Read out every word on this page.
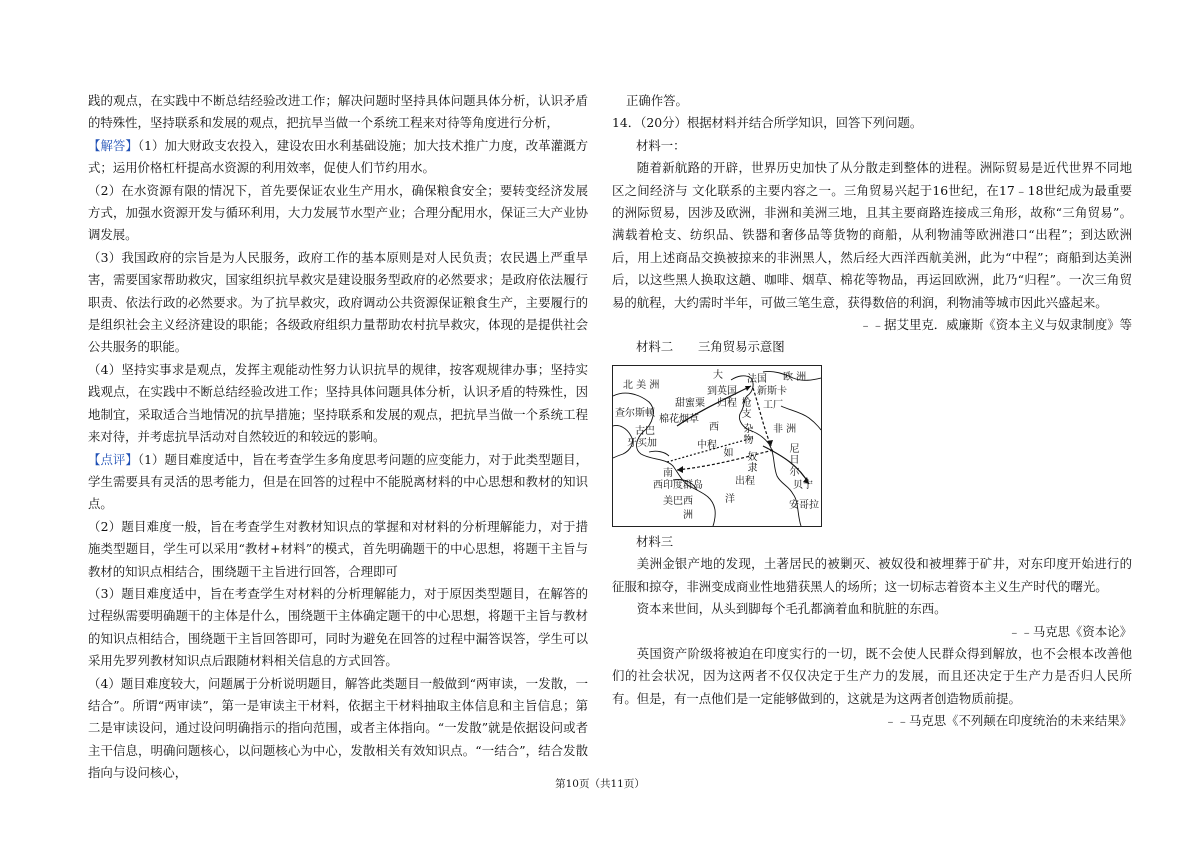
践的观点，在实践中不断总结经验改进工作；解决问题时坚持具体问题具体分析，认识矛盾的特殊性，坚持联系和发展的观点，把抗旱当做一个系统工程来对待等角度进行分析，

【解答】（1）加大财政支农投入，建设农田水利基础设施；加大技术推广力度，改革灌溉方式；运用价格杠杆提高水资源的利用效率，促使人们节约用水。

（2）在水资源有限的情况下，首先要保证农业生产用水，确保粮食安全；要转变经济发展方式，加强水资源开发与循环利用，大力发展节水型产业；合理分配用水，保证三大产业协调发展。

（3）我国政府的宗旨是为人民服务，政府工作的基本原则是对人民负责；农民遇上严重旱害，需要国家帮助救灾，国家组织抗旱救灾是建设服务型政府的必然要求；是政府依法履行职责、依法行政的必然要求。为了抗旱救灾，政府调动公共资源保证粮食生产，主要履行的是组织社会主义经济建设的职能；各级政府组织力量帮助农村抗旱救灾，体现的是提供社会公共服务的职能。

（4）坚持实事求是观点，发挥主观能动性努力认识抗旱的规律，按客观规律办事；坚持实践观点，在实践中不断总结经验改进工作；坚持具体问题具体分析，认识矛盾的特殊性，因地制宜，采取适合当地情况的抗旱措施；坚持联系和发展的观点，把抗旱当做一个系统工程来对待，并考虑抗旱活动对自然较近的和较远的影响。

【点评】（1）题目难度适中，旨在考查学生多角度思考问题的应变能力，对于此类型题目，学生需要具有灵活的思考能力，但是在回答的过程中不能脱离材料的中心思想和教材的知识点。

（2）题目难度一般，旨在考查学生对教材知识点的掌握和对材料的分析理解能力，对于措施类型题目，学生可以采用“教材+材料”的模式，首先明确题干的中心思想，将题干主旨与教材的知识点相结合，围绕题干主旨进行回答，合理即可

（3）题目难度适中，旨在考查学生对材料的分析理解能力，对于原因类型题目，在解答的过程纵需要明确题干的主体是什么，围绕题干主体确定题干的中心思想，将题干主旨与教材的知识点相结合，围绕题干主旨回答即可，同时为避免在回答的过程中漏答误答，学生可以采用先罗列教材知识点后跟随材料相关信息的方式回答。

（4）题目难度较大，问题属于分析说明题目，解答此类题目一般做到“两审读，一发散，一结合”。所谓“两审读”，第一是审读主干材料，依据主干材料抽取主体信息和主旨信息；第二是审读设问，通过设问明确指示的指向范围，或者主体指向。“一发散”就是依据设问或者主干信息，明确问题核心，以问题核心为中心，发散相关有效知识点。“一结合”，结合发散指向与设问核心，

正确作答。

14．（20分）根据材料并结合所学知识，回答下列问题。

材料一：

随着新航路的开辟，世界历史加快了从分散走到整体的进程。洲际贸易是近代世界不同地区之间经济与 文化联系的主要内容之一。三角贸易兴起于16世纪，在17﹣18世纪成为最重要的洲际贸易，因涉及欧洲，非洲和美洲三地，且其主要商路连接成三角形，故称“三角贸易”。满载着枪支、纺织品、铁器和奢侈品等货物的商船，从利物浦等欧洲港口“出程”；到达欧洲后，用上述商品交换被掠来的非洲黑人，然后经大西洋西航美洲，此为“中程”；商船到达美洲后，以这些黑人换取这趟、咖啡、烟草、棉花等物品，再运回欧洲，此乃“归程”。一次三角贸易的航程，大约需时半年，可做三笔生意，获得数倍的利润，利物浦等城市因此兴盛起来。

﹣﹣据艾里克．威廉斯《资本主义与奴隶制度》等

材料二　　三角贸易示意图

北 美 洲
大	欧 洲
法国
到英国 新斯卡
甜蜜粟 归程	工厂
查尔斯顿
棉花烟草
古巴
牙买加
枪支
西 杂物
非 洲
中程
如 奴隶
出程
尼日尔
贝宁
安哥拉
南
西印度群岛
美巴西	洋
洲

材料三

美洲金银产地的发现，土著居民的被剿灭、被奴役和被埋葬于矿井，对东印度开始进行的征服和掠夺，非洲变成商业性地猎获黑人的场所；这一切标志着资本主义生产时代的曙光。

资本来世间，从头到脚每个毛孔都滴着血和肮脏的东西。

﹣﹣马克思《资本论》

英国资产阶级将被迫在印度实行的一切，既不会使人民群众得到解放，也不会根本改善他们的社会状况，因为这两者不仅仅决定于生产力的发展，而且还决定于生产力是否归人民所有。但是，有一点他们是一定能够做到的，这就是为这两者创造物质前提。

﹣﹣马克思《不列颠在印度统治的未来结果》

第10页（共11页）
